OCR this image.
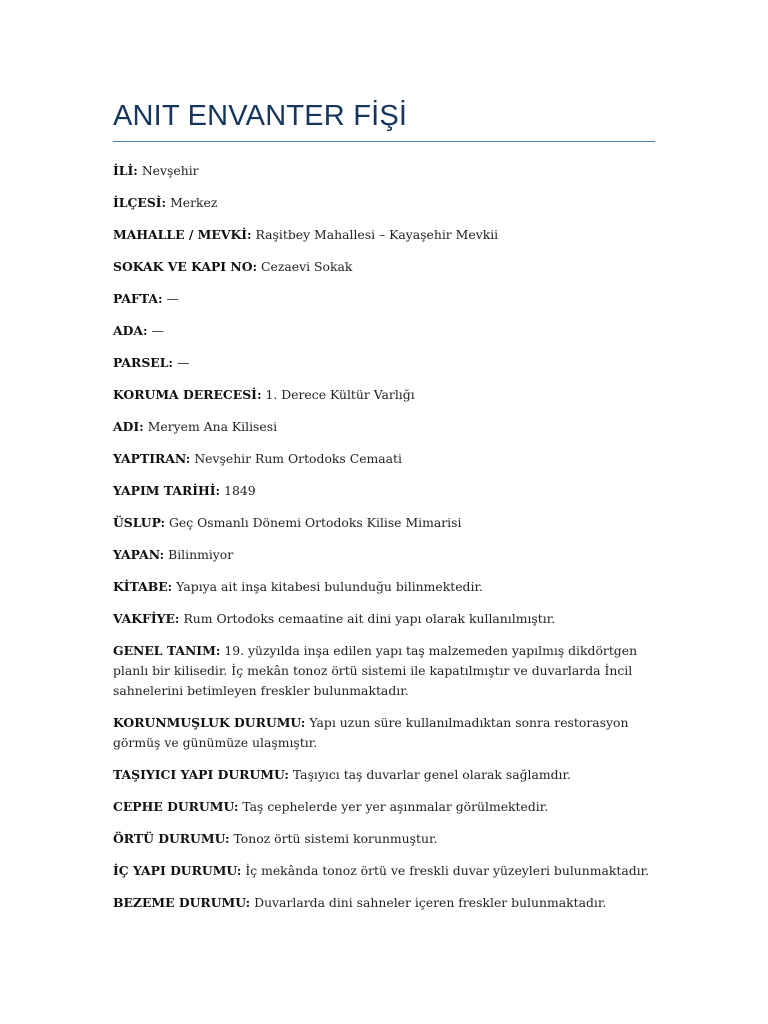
ANIT ENVANTER FİŞİ

İLİ: Nevşehir

İLÇESİ: Merkez

MAHALLE / MEVKİ: Raşitbey Mahallesi – Kayaşehir Mevkii

SOKAK VE KAPI NO: Cezaevi Sokak

PAFTA: —

ADA: —

PARSEL: —

KORUMA DERECESİ: 1. Derece Kültür Varlığı

ADI: Meryem Ana Kilisesi

YAPTIRAN: Nevşehir Rum Ortodoks Cemaati

YAPIM TARİHİ: 1849

ÜSLUP: Geç Osmanlı Dönemi Ortodoks Kilise Mimarisi

YAPAN: Bilinmiyor

KİTABE: Yapıya ait inşa kitabesi bulunduğu bilinmektedir.

VAKFİYE: Rum Ortodoks cemaatine ait dini yapı olarak kullanılmıştır.

GENEL TANIM: 19. yüzyılda inşa edilen yapı taş malzemeden yapılmış dikdörtgen planlı bir kilisedir. İç mekân tonoz örtü sistemi ile kapatılmıştır ve duvarlarda İncil sahnelerini betimleyen freskler bulunmaktadır.

KORUNMUŞLUK DURUMU: Yapı uzun süre kullanılmadıktan sonra restorasyon görmüş ve günümüze ulaşmıştır.

TAŞIYICI YAPI DURUMU: Taşıyıcı taş duvarlar genel olarak sağlamdır.

CEPHE DURUMU: Taş cephelerde yer yer aşınmalar görülmektedir.

ÖRTÜ DURUMU: Tonoz örtü sistemi korunmuştur.

İÇ YAPI DURUMU: İç mekânda tonoz örtü ve freskli duvar yüzeyleri bulunmaktadır.

BEZEME DURUMU: Duvarlarda dini sahneler içeren freskler bulunmaktadır.
